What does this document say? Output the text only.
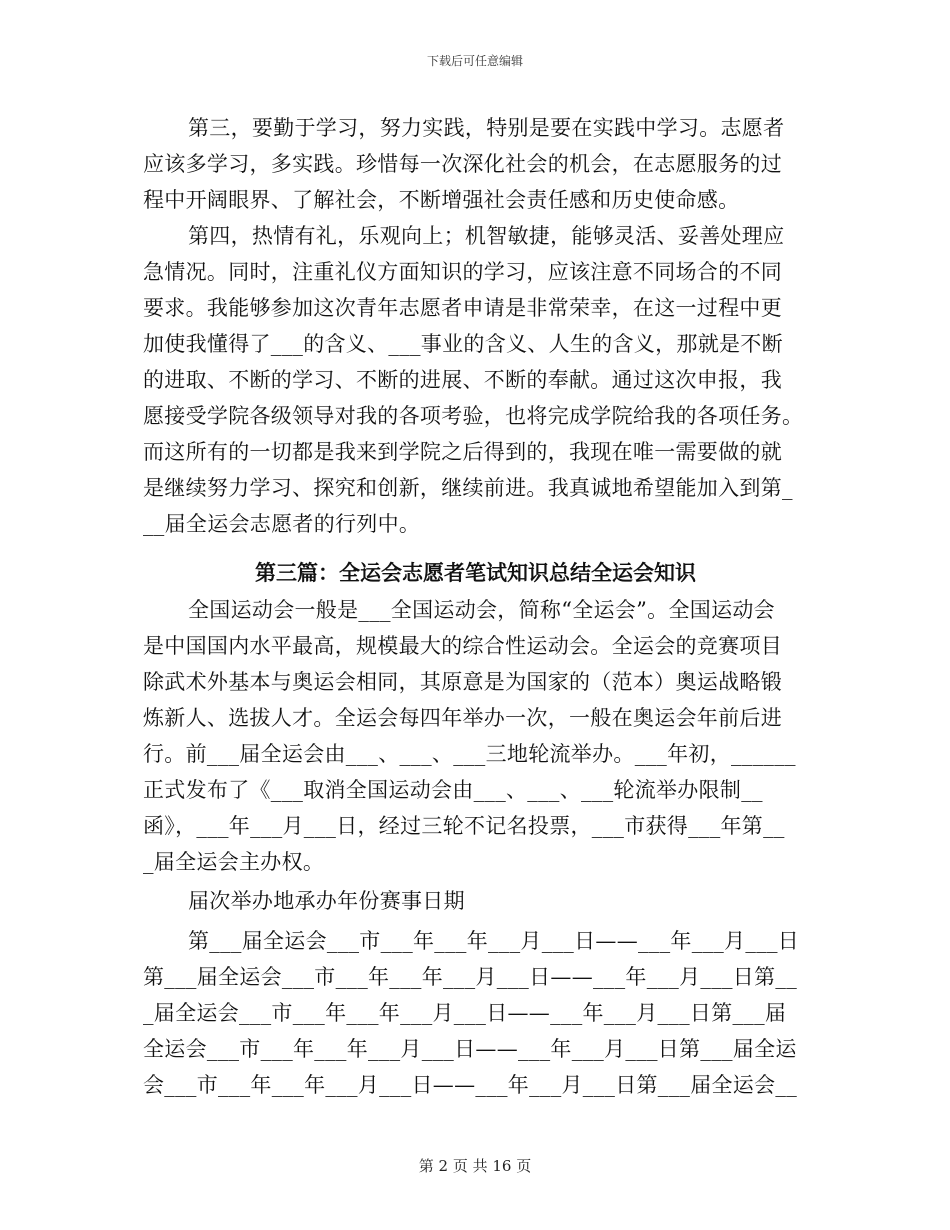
下载后可任意编辑
第三，要勤于学习，努力实践，特别是要在实践中学习。志愿者
应该多学习，多实践。珍惜每一次深化社会的机会，在志愿服务的过
程中开阔眼界、了解社会，不断增强社会责任感和历史使命感。
第四，热情有礼，乐观向上；机智敏捷，能够灵活、妥善处理应
急情况。同时，注重礼仪方面知识的学习，应该注意不同场合的不同
要求。我能够参加这次青年志愿者申请是非常荣幸，在这一过程中更
加使我懂得了___的含义、___事业的含义、人生的含义，那就是不断
的进取、不断的学习、不断的进展、不断的奉献。通过这次申报，我
愿接受学院各级领导对我的各项考验，也将完成学院给我的各项任务。
而这所有的一切都是我来到学院之后得到的，我现在唯一需要做的就
是继续努力学习、探究和创新，继续前进。我真诚地希望能加入到第_
__届全运会志愿者的行列中。
第三篇：全运会志愿者笔试知识总结全运会知识
全国运动会一般是___全国运动会，简称“全运会”。全国运动会
是中国国内水平最高，规模最大的综合性运动会。全运会的竞赛项目
除武术外基本与奥运会相同，其原意是为国家的（范本）奥运战略锻
炼新人、选拔人才。全运会每四年举办一次，一般在奥运会年前后进
行。前___届全运会由___、___、___三地轮流举办。___年初，______
正式发布了《___取消全国运动会由___、___、___轮流举办限制__
函》，___年___月___日，经过三轮不记名投票，___市获得___年第__
_届全运会主办权。
届次举办地承办年份赛事日期
第___届全运会___市___年___年___月___日——___年___月___日
第___届全运会___市___年___年___月___日——___年___月___日第__
_届全运会___市___年___年___月___日——___年___月___日第___届
全运会___市___年___年___月___日——___年___月___日第___届全运
会___市___年___年___月___日——___年___月___日第___届全运会__
第 2 页 共 16 页
